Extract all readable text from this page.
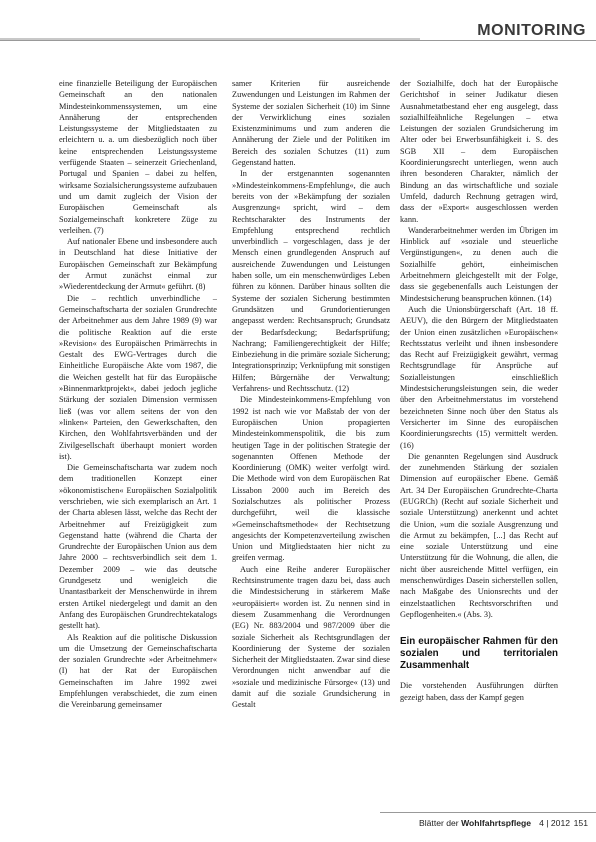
MONITORING

eine finanzielle Beteiligung der Europäischen Gemeinschaft an den nationalen Mindesteinkommenssystemen, um eine Annäherung der entsprechenden Leistungssysteme der Mitgliedstaaten zu erleichtern u. a. um diesbezüglich noch über keine entsprechenden Leistungssysteme verfügende Staaten – seinerzeit Griechenland, Portugal und Spanien – dabei zu helfen, wirksame Sozialsicherungssysteme aufzubauen und um damit zugleich der Vision der Europäischen Gemeinschaft als Sozialgemeinschaft konkretere Züge zu verleihen. (7)

Auf nationaler Ebene und insbesondere auch in Deutschland hat diese Initiative der Europäischen Gemeinschaft zur Bekämpfung der Armut zunächst einmal zur »Wiederentdeckung der Armut« geführt. (8)

Die – rechtlich unverbindliche – Gemeinschaftscharta der sozialen Grundrechte der Arbeitnehmer aus dem Jahre 1989 (9) war die politische Reaktion auf die erste »Revision« des Europäischen Primärrechts in Gestalt des EWG-Vertrages durch die Einheitliche Europäische Akte vom 1987, die die Weichen gestellt hat für das Europäische »Binnenmarktprojekt«, dabei jedoch jegliche Stärkung der sozialen Dimension vermissen ließ (was vor allem seitens der von den »linken« Parteien, den Gewerkschaften, den Kirchen, den Wohlfahrtsverbänden und der Zivilgesellschaft überhaupt moniert worden ist).

Die Gemeinschaftscharta war zudem noch dem traditionellen Konzept einer »ökonomistischen« Europäischen Sozialpolitik verschrieben, wie sich exemplarisch an Art. 1 der Charta ablesen lässt, welche das Recht der Arbeitnehmer auf Freizügigkeit zum Gegenstand hatte (während die Charta der Grundrechte der Europäischen Union aus dem Jahre 2000 – rechtsverbindlich seit dem 1. Dezember 2009 – wie das deutsche Grundgesetz und wenigleich die Unantastbarkeit der Menschenwürde in ihrem ersten Artikel niedergelegt und damit an den Anfang des Europäischen Grundrechtekatalogs gestellt hat).

Als Reaktion auf die politische Diskussion um die Umsetzung der Gemeinschaftscharta der sozialen Grundrechte »der Arbeitnehmer« (I) hat der Rat der Europäischen Gemeinschaften im Jahre 1992 zwei Empfehlungen verabschiedet, die zum einen die Vereinbarung gemeinsamer

samer Kriterien für ausreichende Zuwendungen und Leistungen im Rahmen der Systeme der sozialen Sicherheit (10) im Sinne der Verwirklichung eines sozialen Existenzminimums und zum anderen die Annäherung der Ziele und der Politiken im Bereich des sozialen Schutzes (11) zum Gegenstand hatten.

In der erstgenannten sogenannten »Mindesteinkommens-Empfehlung«, die auch bereits von der »Bekämpfung der sozialen Ausgrenzung« spricht, wird – dem Rechtscharakter des Instruments der Empfehlung entsprechend rechtlich unverbindlich – vorgeschlagen, dass je der Mensch einen grundlegenden Anspruch auf ausreichende Zuwendungen und Leistungen haben solle, um ein menschenwürdiges Leben führen zu können. Darüber hinaus sollten die Systeme der sozialen Sicherung bestimmten Grundsätzen und Grundorientierungen angepasst werden: Rechtsanspruch; Grundsatz der Bedarfsdeckung; Bedarfsprüfung; Nachrang; Familiengerechtigkeit der Hilfe; Einbeziehung in die primäre soziale Sicherung; Integrationsprinzip; Verknüpfung mit sonstigen Hilfen; Bürgernähe der Verwaltung; Verfahrens- und Rechtsschutz. (12)

Die Mindesteinkommens-Empfehlung von 1992 ist nach wie vor Maßstab der von der Europäischen Union propagierten Mindesteinkommenspolitik, die bis zum heutigen Tage in der politischen Strategie der sogenannten Offenen Methode der Koordinierung (OMK) weiter verfolgt wird. Die Methode wird von dem Europäischen Rat Lissabon 2000 auch im Bereich des Sozialschutzes als politischer Prozess durchgeführt, weil die klassische »Gemeinschaftsmethode« der Rechtsetzung angesichts der Kompetenzverteilung zwischen Union und Mitgliedstaaten hier nicht zu greifen vermag.

Auch eine Reihe anderer Europäischer Rechtsinstrumente tragen dazu bei, dass auch die Mindestsicherung in stärkerem Maße »europäisiert« worden ist. Zu nennen sind in diesem Zusammenhang die Verordnungen (EG) Nr. 883/2004 und 987/2009 über die soziale Sicherheit als Rechtsgrundlagen der Koordinierung der Systeme der sozialen Sicherheit der Mitgliedstaaten. Zwar sind diese Verordnungen nicht anwendbar auf die »soziale und medizinische Fürsorge« (13) und damit auf die soziale Grundsicherung in Gestalt

der Sozialhilfe, doch hat der Europäische Gerichtshof in seiner Judikatur diesen Ausnahmetatbestand eher eng ausgelegt, dass sozialhilfeähnliche Regelungen – etwa Leistungen der sozialen Grundsicherung im Alter oder bei Erwerbsunfähigkeit i. S. des SGB XII – dem Europäischen Koordinierungsrecht unterliegen, wenn auch ihren besonderen Charakter, nämlich der Bindung an das wirtschaftliche und soziale Umfeld, dadurch Rechnung getragen wird, dass der »Export« ausgeschlossen werden kann.

Wanderarbeitnehmer werden im Übrigen im Hinblick auf »soziale und steuerliche Vergünstigungen«, zu denen auch die Sozialhilfe gehört, einheimischen Arbeitnehmern gleichgestellt mit der Folge, dass sie gegebenenfalls auch Leistungen der Mindestsicherung beanspruchen können. (14)

Auch die Unionsbürgerschaft (Art. 18 ff. AEUV), die den Bürgern der Mitgliedstaaten der Union einen zusätzlichen »Europäischen« Rechtsstatus verleiht und ihnen insbesondere das Recht auf Freizügigkeit gewährt, vermag Rechtsgrundlage für Ansprüche auf Sozialleistungen einschließlich Mindestsicherungsleistungen sein, die weder über den Arbeitnehmerstatus im vorstehend bezeichneten Sinne noch über den Status als Versicherter im Sinne des europäischen Koordinierungsrechts (15) vermittelt werden. (16)

Die genannten Regelungen sind Ausdruck der zunehmenden Stärkung der sozialen Dimension auf europäischer Ebene. Gemäß Art. 34 Der Europäischen Grundrechte-Charta (EUGRCh) (Recht auf soziale Sicherheit und soziale Unterstützung) anerkennt und achtet die Union, »um die soziale Ausgrenzung und die Armut zu bekämpfen, [...] das Recht auf eine soziale Unterstützung und eine Unterstützung für die Wohnung, die allen, die nicht über ausreichende Mittel verfügen, ein menschenwürdiges Dasein sicherstellen sollen, nach Maßgabe des Unionsrechts und der einzelstaatlichen Rechtsvorschriften und Gepflogenheiten.« (Abs. 3).

Ein europäischer Rahmen für den sozialen und territorialen Zusammenhalt

Die vorstehenden Ausführungen dürften gezeigt haben, dass der Kampf gegen

Blätter der Wohlfahrtspflege 4 | 2012 151
